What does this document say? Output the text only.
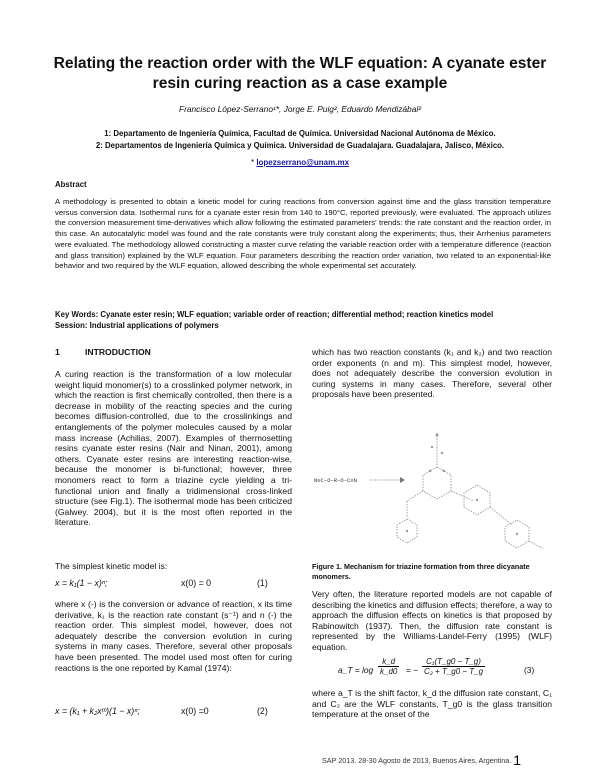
Relating the reaction order with the WLF equation: A cyanate ester resin curing reaction as a case example
Francisco López-Serrano¹*, Jorge E. Puig², Eduardo Mendizábal²
1: Departamento de Ingeniería Química, Facultad de Química. Universidad Nacional Autónoma de México.
2: Departamentos de Ingeniería Química y Química. Universidad de Guadalajara. Guadalajara, Jalisco, México.
* lopezserrano@unam.mx
Abstract
A methodology is presented to obtain a kinetic model for curing reactions from conversion against time and the glass transition temperature versus conversion data. Isothermal runs for a cyanate ester resin from 140 to 190°C, reported previously, were evaluated. The approach utilizes the conversion measurement time-derivatives which allow following the estimated parameters' trends: the rate constant and the reaction order, in this case. An autocatalytic model was found and the rate constants were truly constant along the experiments; thus, their Arrhenius parameters were evaluated. The methodology allowed constructing a master curve relating the variable reaction order with a temperature difference (reaction and glass transition) explained by the WLF equation. Four parameters describing the reaction order variation, two related to an exponential-like behavior and two required by the WLF equation, allowed describing the whole experimental set accurately.
Key Words: Cyanate ester resin; WLF equation; variable order of reaction; differential method; reaction kinetics model
Session: Industrial applications of polymers
1	INTRODUCTION
A curing reaction is the transformation of a low molecular weight liquid monomer(s) to a crosslinked polymer network, in which the reaction is first chemically controlled, then there is a decrease in mobility of the reacting species and the curing becomes diffusion-controlled, due to the crosslinkings and entanglements of the polymer molecules caused by a molar mass increase (Achilias, 2007). Examples of thermosetting resins cyanate ester resins (Nair and Ninan, 2001), among others. Cyanate ester resins are interesting reaction-wise, because the monomer is bi-functional; however, three monomers react to form a triazine cycle yielding a tri-functional union and finally a tridimensional cross-linked structure (see Fig.1). The isothermal mode has been criticized (Galwey. 2004), but it is the most often reported in the literature.
The simplest kinetic model is:
x = k₁(1 − x)ⁿ;	x(0) = 0	(1)
where x (-) is the conversion or advance of reaction, x its time derivative, k₁ is the reaction rate constant (s⁻¹) and n (-) the reaction order. This simplest model, however, does not adequately describe the conversion evolution in curing systems in many cases. Therefore, several other proposals have been presented. The model used most often for curing reactions is the one reported by Kamal (1974):
x = (k₁ + k₂xᵐ)(1 − x)ⁿ;	x(0) =0	(2)
which has two reaction constants (k₁ and k₂) and two reaction order exponents (n and m). This simplest model, however, does not adequately describe the conversion evolution in curing systems in many cases. Therefore, several other proposals have been presented.
N≡C–O–R–O–C≡N
Figure 1. Mechanism for triazine formation from three dicyanate monomers.
Very often, the literature reported models are not capable of describing the kinetics and diffusion effects; therefore, a way to approach the diffusion effects on kinetics is that proposed by Rabinowitch (1937). Then, the diffusion rate constant is represented by the Williams-Landel-Ferry (1995) (WLF) equation.
a_T = $\log \frac{k\_d}{k\_d0}$ = − $\frac{\text{C₁(T\_g0 − T\_g)}}{\text{C₂ + T\_g0 − T\_g}}$	(3)
where a_T is the shift factor, k_d the diffusion rate constant, C₁ and C₂ are the WLF constants, T_g0 is the glass transition temperature at the onset of the
SAP 2013. 28-30 Agosto de 2013, Buenos Aires, Argentina. 1
